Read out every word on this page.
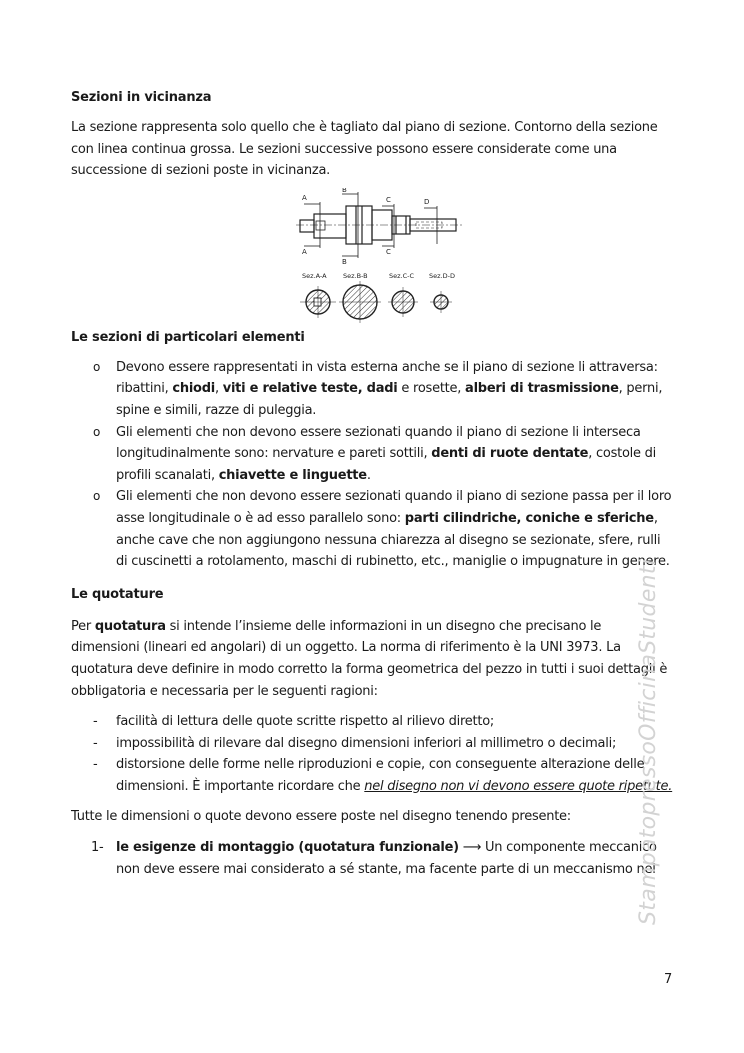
Sezioni in vicinanza

La sezione rappresenta solo quello che è tagliato dal piano di sezione. Contorno della sezione con linea continua grossa. Le sezioni successive possono essere considerate come una successione di sezioni poste in vicinanza.

A
A
B
B
C
C
D
Sez.A-A	Sez.B-B	Sez.C-C Sez.D-D

Le sezioni di particolari elementi

o Devono essere rappresentati in vista esterna anche se il piano di sezione li attraversa: ribattini, chiodi, viti e relative teste, dadi e rosette, alberi di trasmissione, perni, spine e simili, razze di puleggia.
o Gli elementi che non devono essere sezionati quando il piano di sezione li interseca longitudinalmente sono: nervature e pareti sottili, denti di ruote dentate, costole di profili scanalati, chiavette e linguette.
o Gli elementi che non devono essere sezionati quando il piano di sezione passa per il loro asse longitudinale o è ad esso parallelo sono: parti cilindriche, coniche e sferiche, anche cave che non aggiungono nessuna chiarezza al disegno se sezionate, sfere, rulli di cuscinetti a rotolamento, maschi di rubinetto, etc., maniglie o impugnature in genere.

Le quotature

Per quotatura si intende l’insieme delle informazioni in un disegno che precisano le dimensioni (lineari ed angolari) di un oggetto. La norma di riferimento è la UNI 3973. La quotatura deve definire in modo corretto la forma geometrica del pezzo in tutti i suoi dettagli è obbligatoria e necessaria per le seguenti ragioni:

- facilità di lettura delle quote scritte rispetto al rilievo diretto;
- impossibilità di rilevare dal disegno dimensioni inferiori al millimetro o decimali;
- distorsione delle forme nelle riproduzioni e copie, con conseguente alterazione delle dimensioni. È importante ricordare che nel disegno non vi devono essere quote ripetute.

Tutte le dimensioni o quote devono essere poste nel disegno tenendo presente:

1- le esigenze di montaggio (quotatura funzionale) ⟶ Un componente meccanico non deve essere mai considerato a sé stante, ma facente parte di un meccanismo nel
StampatopressoOfficinaStudenti
7
